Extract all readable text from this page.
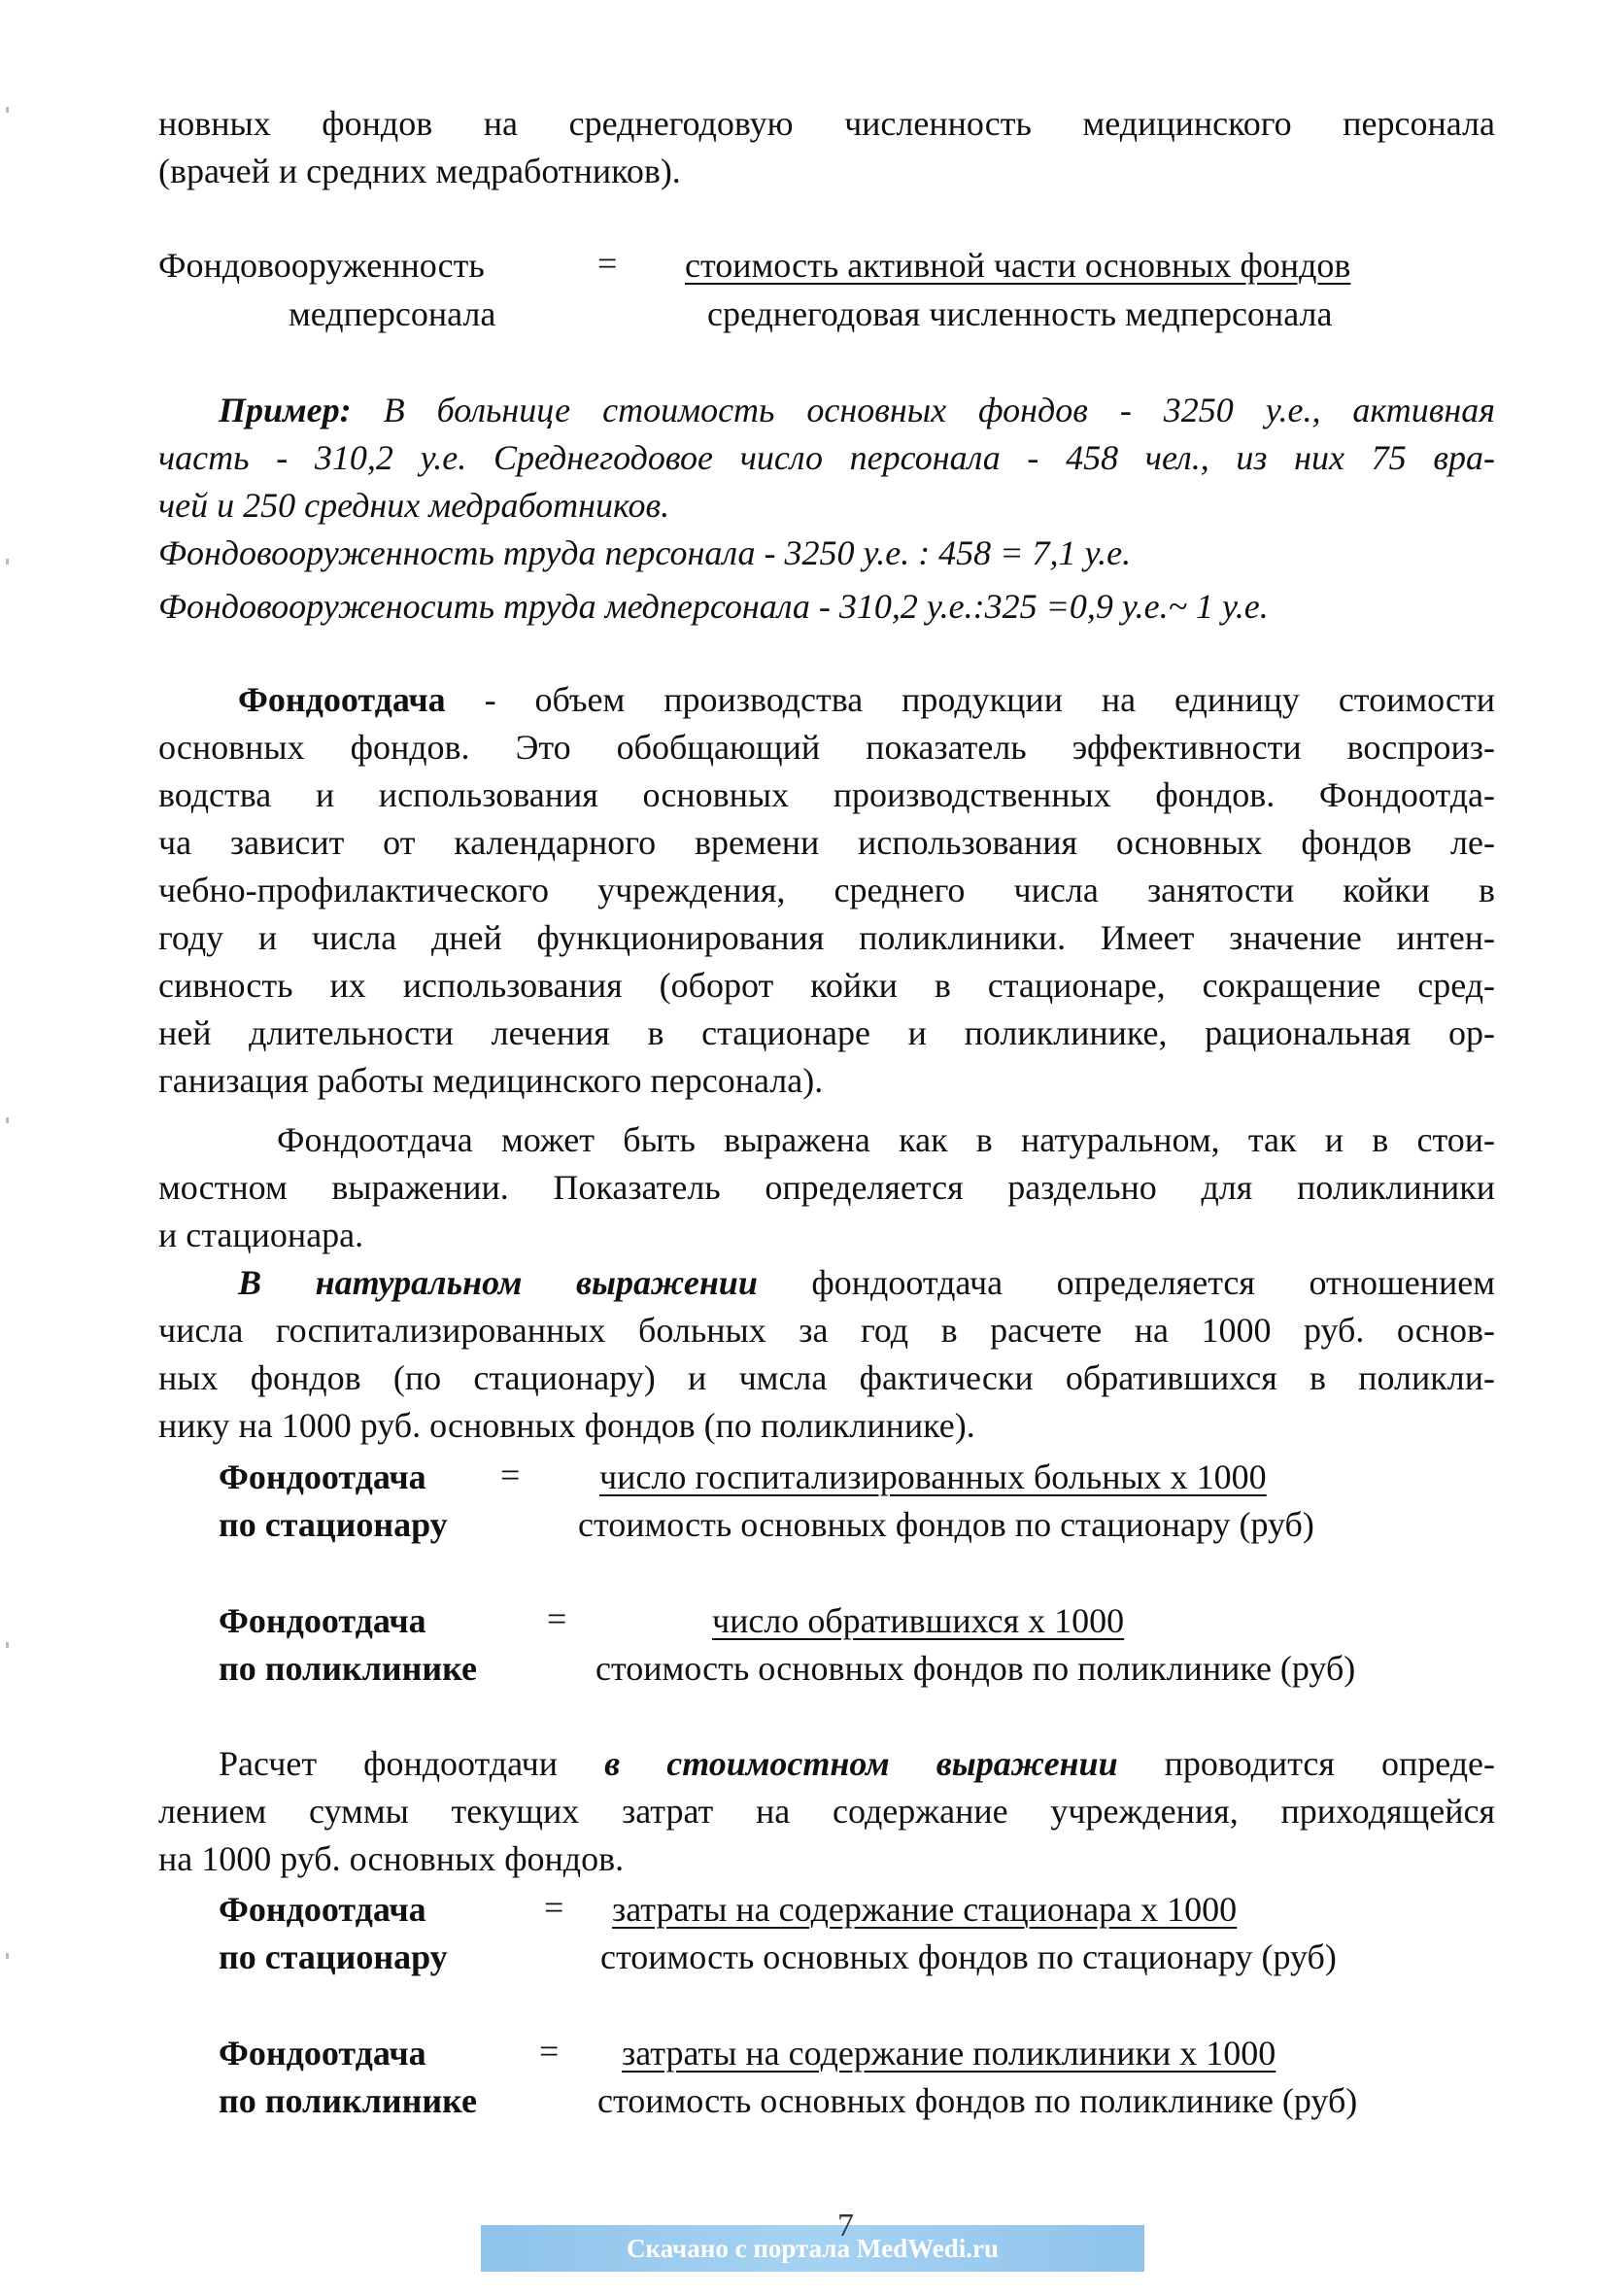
новных фондов на среднегодовую численность медицинского персонала
(врачей и средних медработников).
Фондовооруженность
медперсонала
= стоимость активной части основных фондов
среднегодовая численность медперсонала
Пример: В больнице стоимость основных фондов - 3250 у.е., активная
часть - 310,2 у.е. Среднегодовое число персонала - 458 чел., из них 75 вра-
чей и 250 средних медработников.
Фондовооруженность труда персонала - 3250 у.е. : 458 = 7,1 у.е.
Фондовооруженосить труда медперсонала - 310,2 у.е.:325 =0,9 у.е.~ 1 у.е.
Фондоотдача - объем производства продукции на единицу стоимости
основных фондов. Это обобщающий показатель эффективности воспроиз-
водства и использования основных производственных фондов. Фондоотда-
ча зависит от календарного времени использования основных фондов ле-
чебно-профилактического учреждения, среднего числа занятости койки в
году и числа дней функционирования поликлиники. Имеет значение интен-
сивность их использования (оборот койки в стационаре, сокращение сред-
ней длительности лечения в стационаре и поликлинике, рациональная ор-
ганизация работы медицинского персонала).
Фондоотдача может быть выражена как в натуральном, так и в стои-
мостном выражении. Показатель определяется раздельно для поликлиники
и стационара.
В натуральном выражении фондоотдача определяется отношением
числа госпитализированных больных за год в расчете на 1000 руб. основ-
ных фондов (по стационару) и чмсла фактически обратившихся в поликли-
нику на 1000 руб. основных фондов (по поликлинике).
Фондоотдача
по стационару
= число госпитализированных больных х 1000
стоимость основных фондов по стационару (руб)
Фондоотдача
по поликлинике
=	число обратившихся х 1000
стоимость основных фондов по поликлинике (руб)
Расчет фондоотдачи в стоимостном выражении проводится опреде-
лением суммы текущих затрат на содержание учреждения, приходящейся
на 1000 руб. основных фондов.
Фондоотдача
по стационару
= затраты на содержание стационара х 1000
стоимость основных фондов по стационару (руб)
Фондоотдача
по поликлинике
= затраты на содержание поликлиники х 1000
стоимость основных фондов по поликлинике (руб)
Скачано с портала MedWedi.ru
7
